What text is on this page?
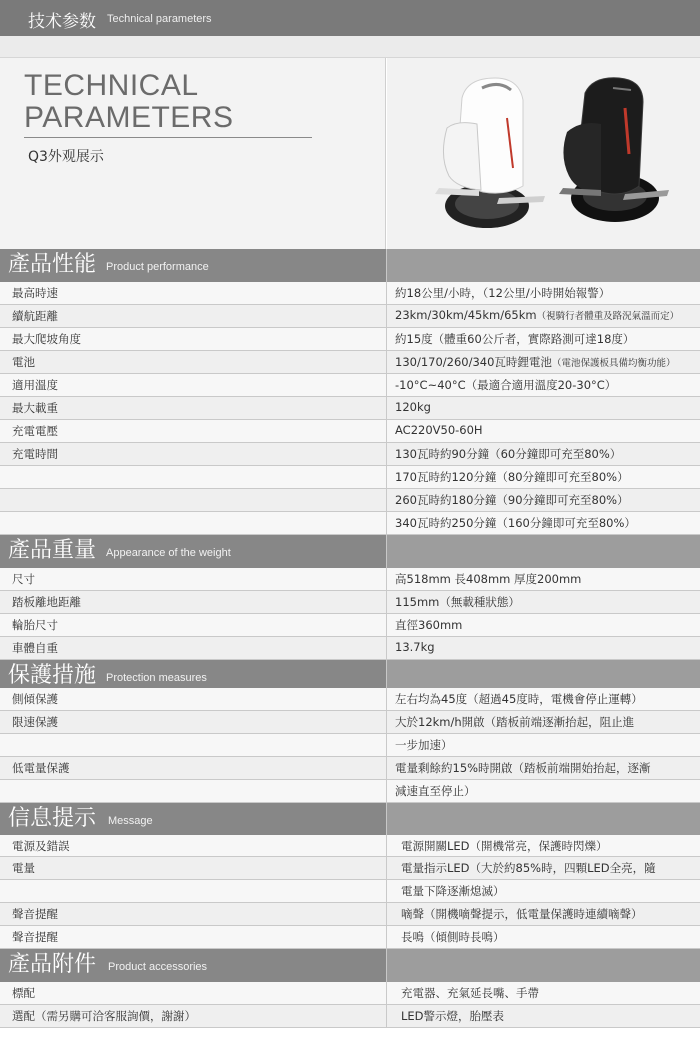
技术参数 Technical parameters
TECHNICAL
PARAMETERS
Q3外观展示
產品性能 Product performance
最高時速	約18公里/小時，（12公里/小時開始報警）
續航距離	23km/30km/45km/65km（視騎行者體重及路況氣溫而定）
最大爬坡角度	約15度（體重60公斤者，實際路測可達18度）
電池	130/170/260/340瓦時鋰電池（電池保護板具備均衡功能）
適用溫度	-10°C~40°C（最適合適用溫度20-30°C）
最大載重	120kg
充電電壓	AC220V50-60H
充電時間	130瓦時約90分鐘（60分鐘即可充至80%）
170瓦時約120分鐘（80分鐘即可充至80%）
260瓦時約180分鐘（90分鐘即可充至80%）
340瓦時約250分鐘（160分鐘即可充至80%）
產品重量 Appearance of the weight
尺寸	高518mm 長408mm 厚度200mm
踏板離地距離	115mm（無載種狀態）
輪胎尺寸	直徑360mm
車體自重	13.7kg
保護措施 Protection measures
側傾保護	左右均為45度（超過45度時，電機會停止運轉）
限速保護	大於12km/h開啟（踏板前端逐漸抬起，阻止進
一步加速）
低電量保護	電量剩餘約15%時開啟（踏板前端開始抬起，逐漸
減速直至停止）
信息提示 Message
電源及錯誤	電源開關LED（開機常亮，保護時閃爍）
電量	電量指示LED（大於約85%時，四顆LED全亮，隨
電量下降逐漸熄滅）
聲音提醒	嘀聲（開機嘀聲提示，低電量保護時連續嘀聲）
聲音提醒	長鳴（傾側時長鳴）
產品附件 Product accessories
標配	充電器、充氣延長嘴、手帶
選配（需另購可洽客服詢價，謝謝）	LED警示燈，胎壓表
